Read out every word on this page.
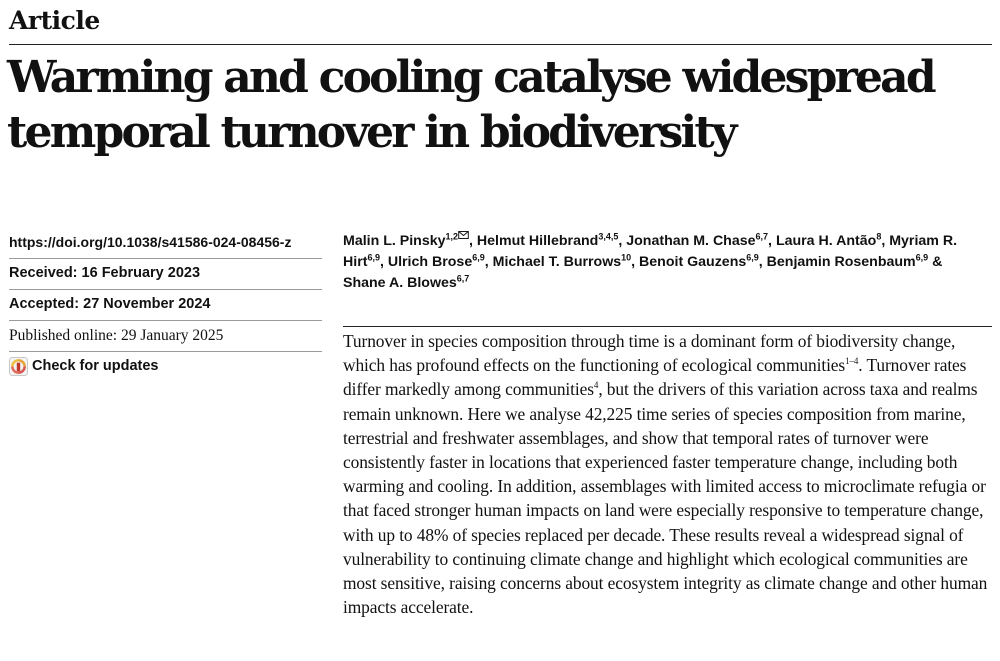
Article
Warming and cooling catalyse widespread temporal turnover in biodiversity
https://doi.org/10.1038/s41586-024-08456-z
Received: 16 February 2023
Accepted: 27 November 2024
Published online: 29 January 2025
Check for updates

Malin L. Pinsky$^{1,2}$ , Helmut Hillebrand$^{3,4,5}$, Jonathan M. Chase$^{6,7}$, Laura H. Antão$^8$, Myriam R. Hirt$^{6,9}$, Ulrich Brose$^{6,9}$, Michael T. Burrows$^{10}$, Benoit Gauzens$^{6,9}$, Benjamin Rosenbaum$^{6,9}$ & Shane A. Blowes$^{6,7}$

Turnover in species composition through time is a dominant form of biodiversity change, which has profound effects on the functioning of ecological communities$^{1-4}$. Turnover rates differ markedly among communities$^4$, but the drivers of this variation across taxa and realms remain unknown. Here we analyse 42,225 time series of species composition from marine, terrestrial and freshwater assemblages, and show that temporal rates of turnover were consistently faster in locations that experienced faster temperature change, including both warming and cooling. In addition, assemblages with limited access to microclimate refugia or that faced stronger human impacts on land were especially responsive to temperature change, with up to 48% of species replaced per decade. These results reveal a widespread signal of vulnerability to continuing climate change and highlight which ecological communities are most sensitive, raising concerns about ecosystem integrity as climate change and other human impacts accelerate.
